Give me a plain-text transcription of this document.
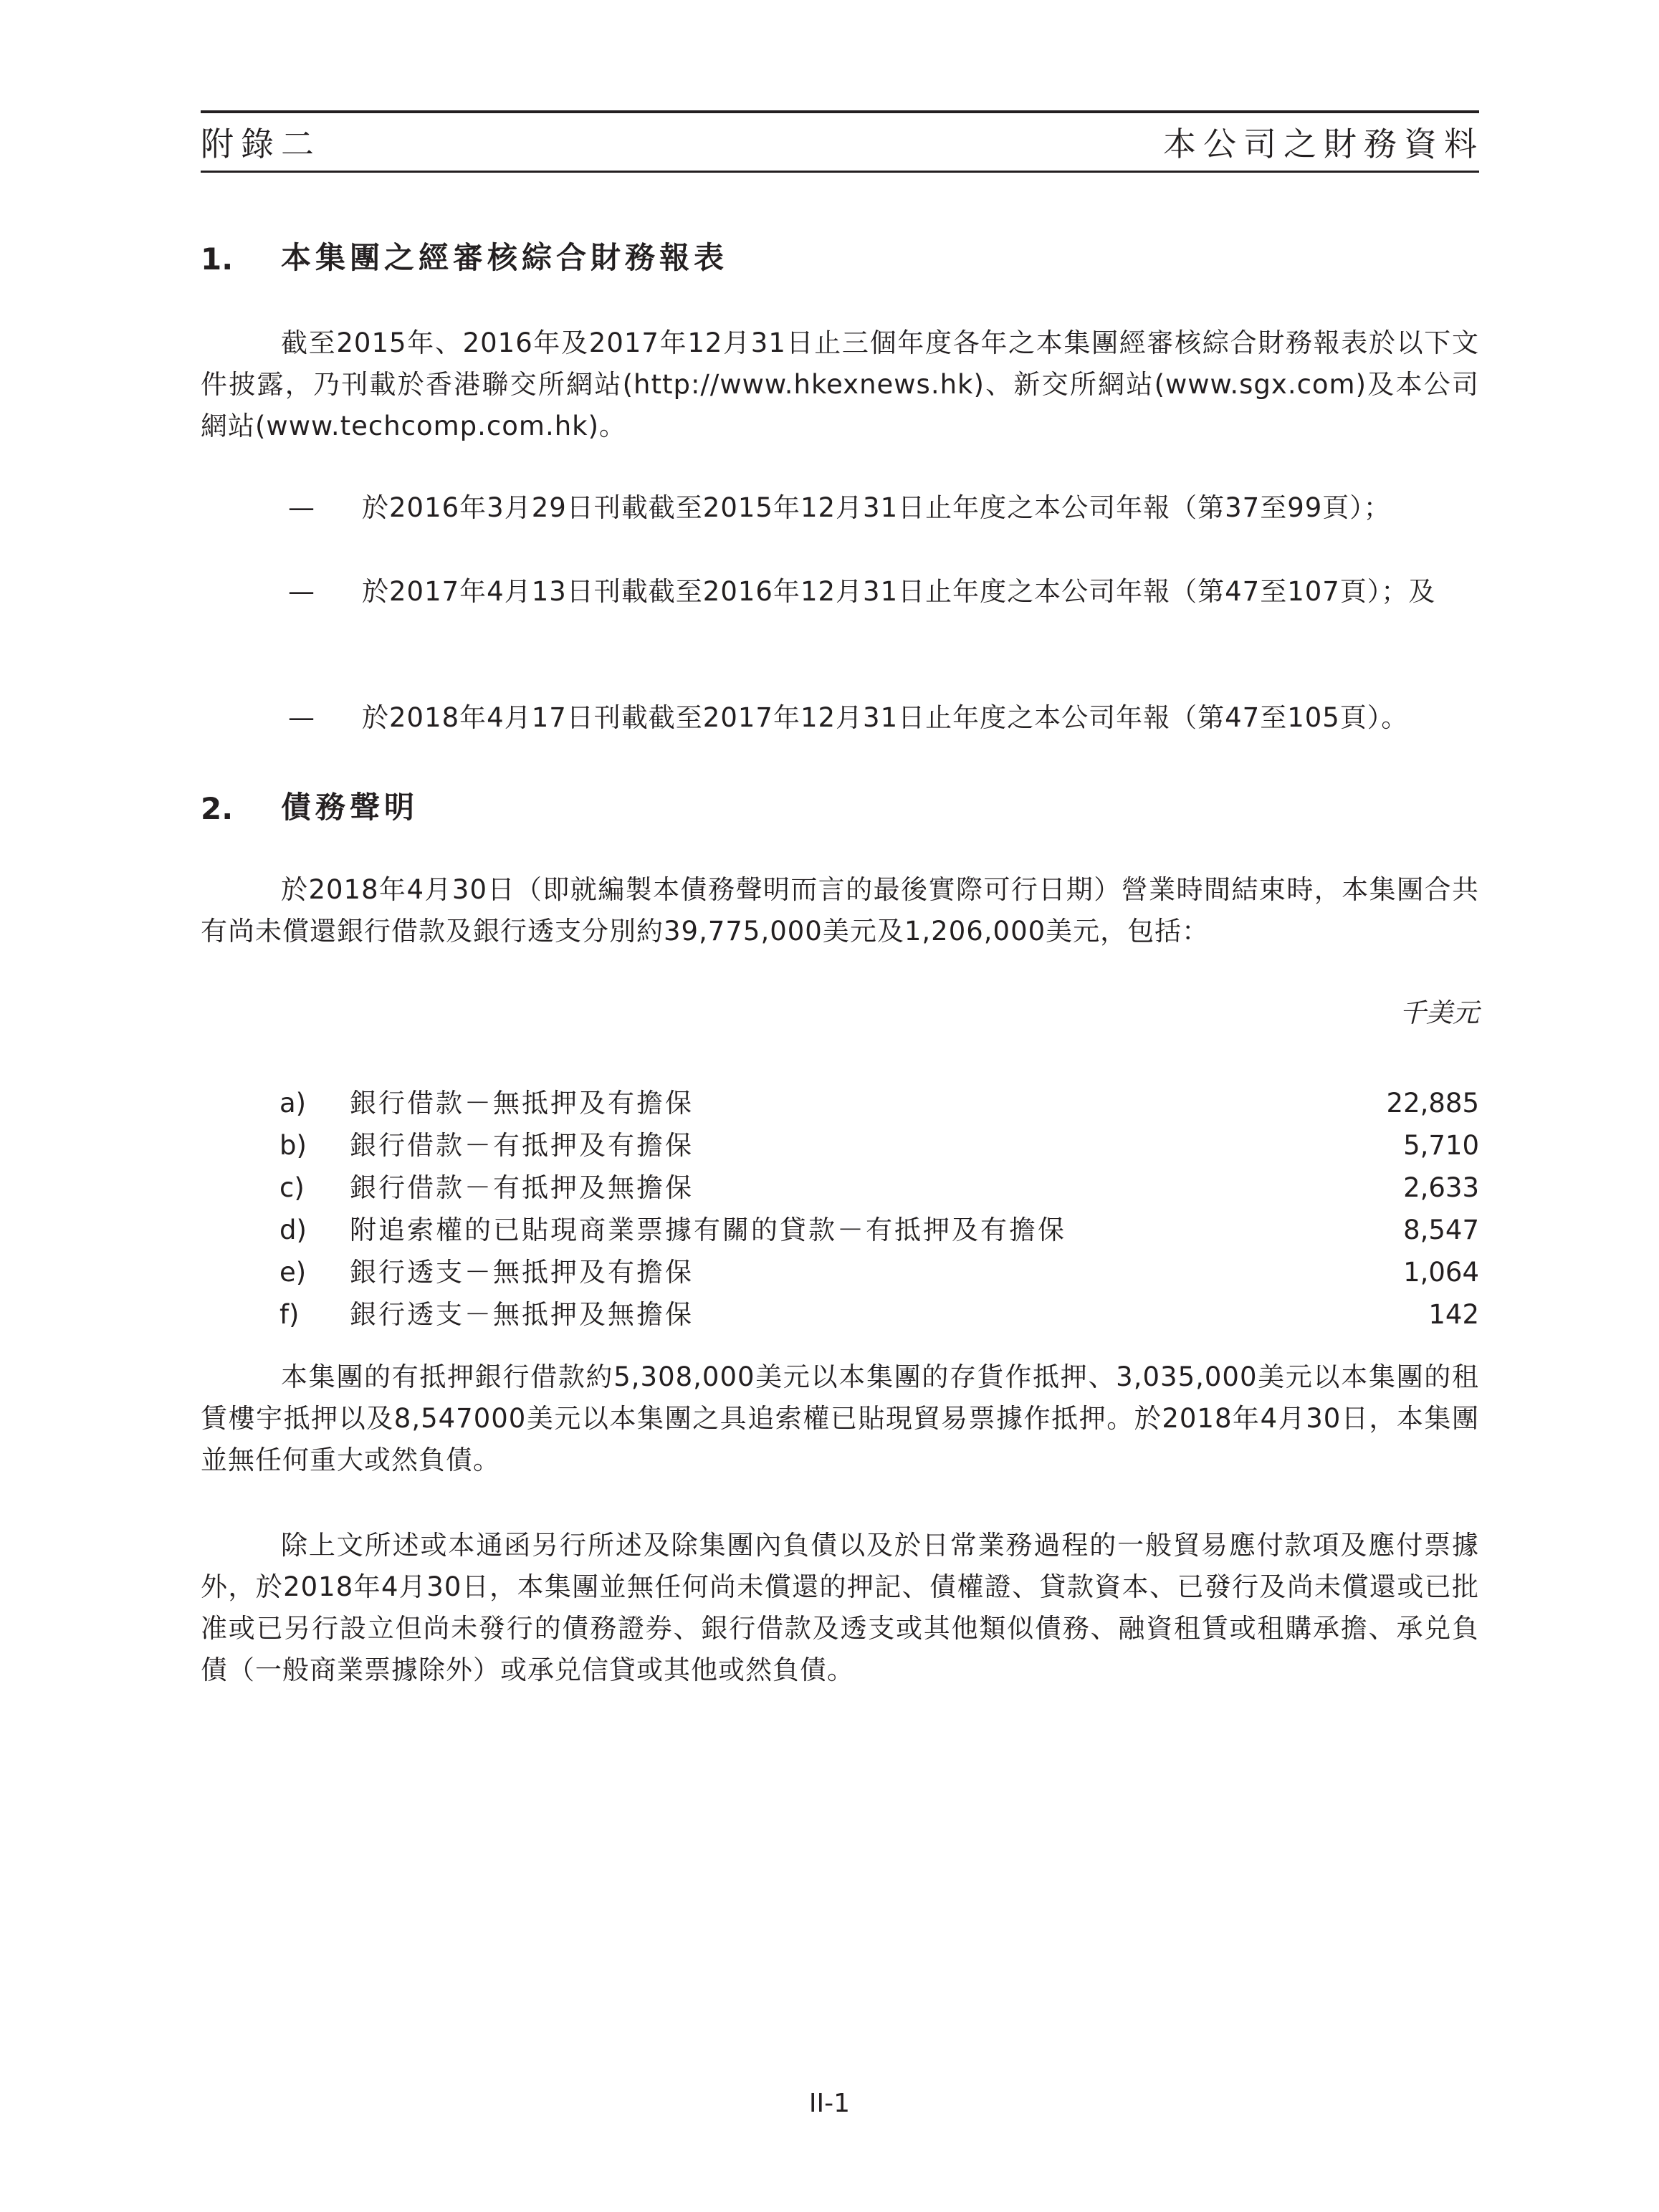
附錄二	本公司之財務資料
1. 本集團之經審核綜合財務報表
截至2015年、2016年及2017年12月31日止三個年度各年之本集團經審核綜合財務報表於以下文件披露，乃刊載於香港聯交所網站(http://www.hkexnews.hk)、新交所網站(www.sgx.com)及本公司網站(www.techcomp.com.hk)。
— 於2016年3月29日刊載截至2015年12月31日止年度之本公司年報（第37至99頁）；
— 於2017年4月13日刊載截至2016年12月31日止年度之本公司年報（第47至107頁）；及
— 於2018年4月17日刊載截至2017年12月31日止年度之本公司年報（第47至105頁）。
2. 債務聲明
於2018年4月30日（即就編製本債務聲明而言的最後實際可行日期）營業時間結束時，本集團合共有尚未償還銀行借款及銀行透支分別約39,775,000美元及1,206,000美元，包括：
千美元
a) 銀行借款－無抵押及有擔保	22,885
b) 銀行借款－有抵押及有擔保	5,710
c) 銀行借款－有抵押及無擔保	2,633
d) 附追索權的已貼現商業票據有關的貸款－有抵押及有擔保	8,547
e) 銀行透支－無抵押及有擔保	1,064
f) 銀行透支－無抵押及無擔保	142
本集團的有抵押銀行借款約5,308,000美元以本集團的存貨作抵押、3,035,000美元以本集團的租賃樓宇抵押以及8,547000美元以本集團之具追索權已貼現貿易票據作抵押。於2018年4月30日，本集團並無任何重大或然負債。
除上文所述或本通函另行所述及除集團內負債以及於日常業務過程的一般貿易應付款項及應付票據外，於2018年4月30日，本集團並無任何尚未償還的押記、債權證、貸款資本、已發行及尚未償還或已批准或已另行設立但尚未發行的債務證券、銀行借款及透支或其他類似債務、融資租賃或租購承擔、承兑負債（一般商業票據除外）或承兑信貸或其他或然負債。
II-1
